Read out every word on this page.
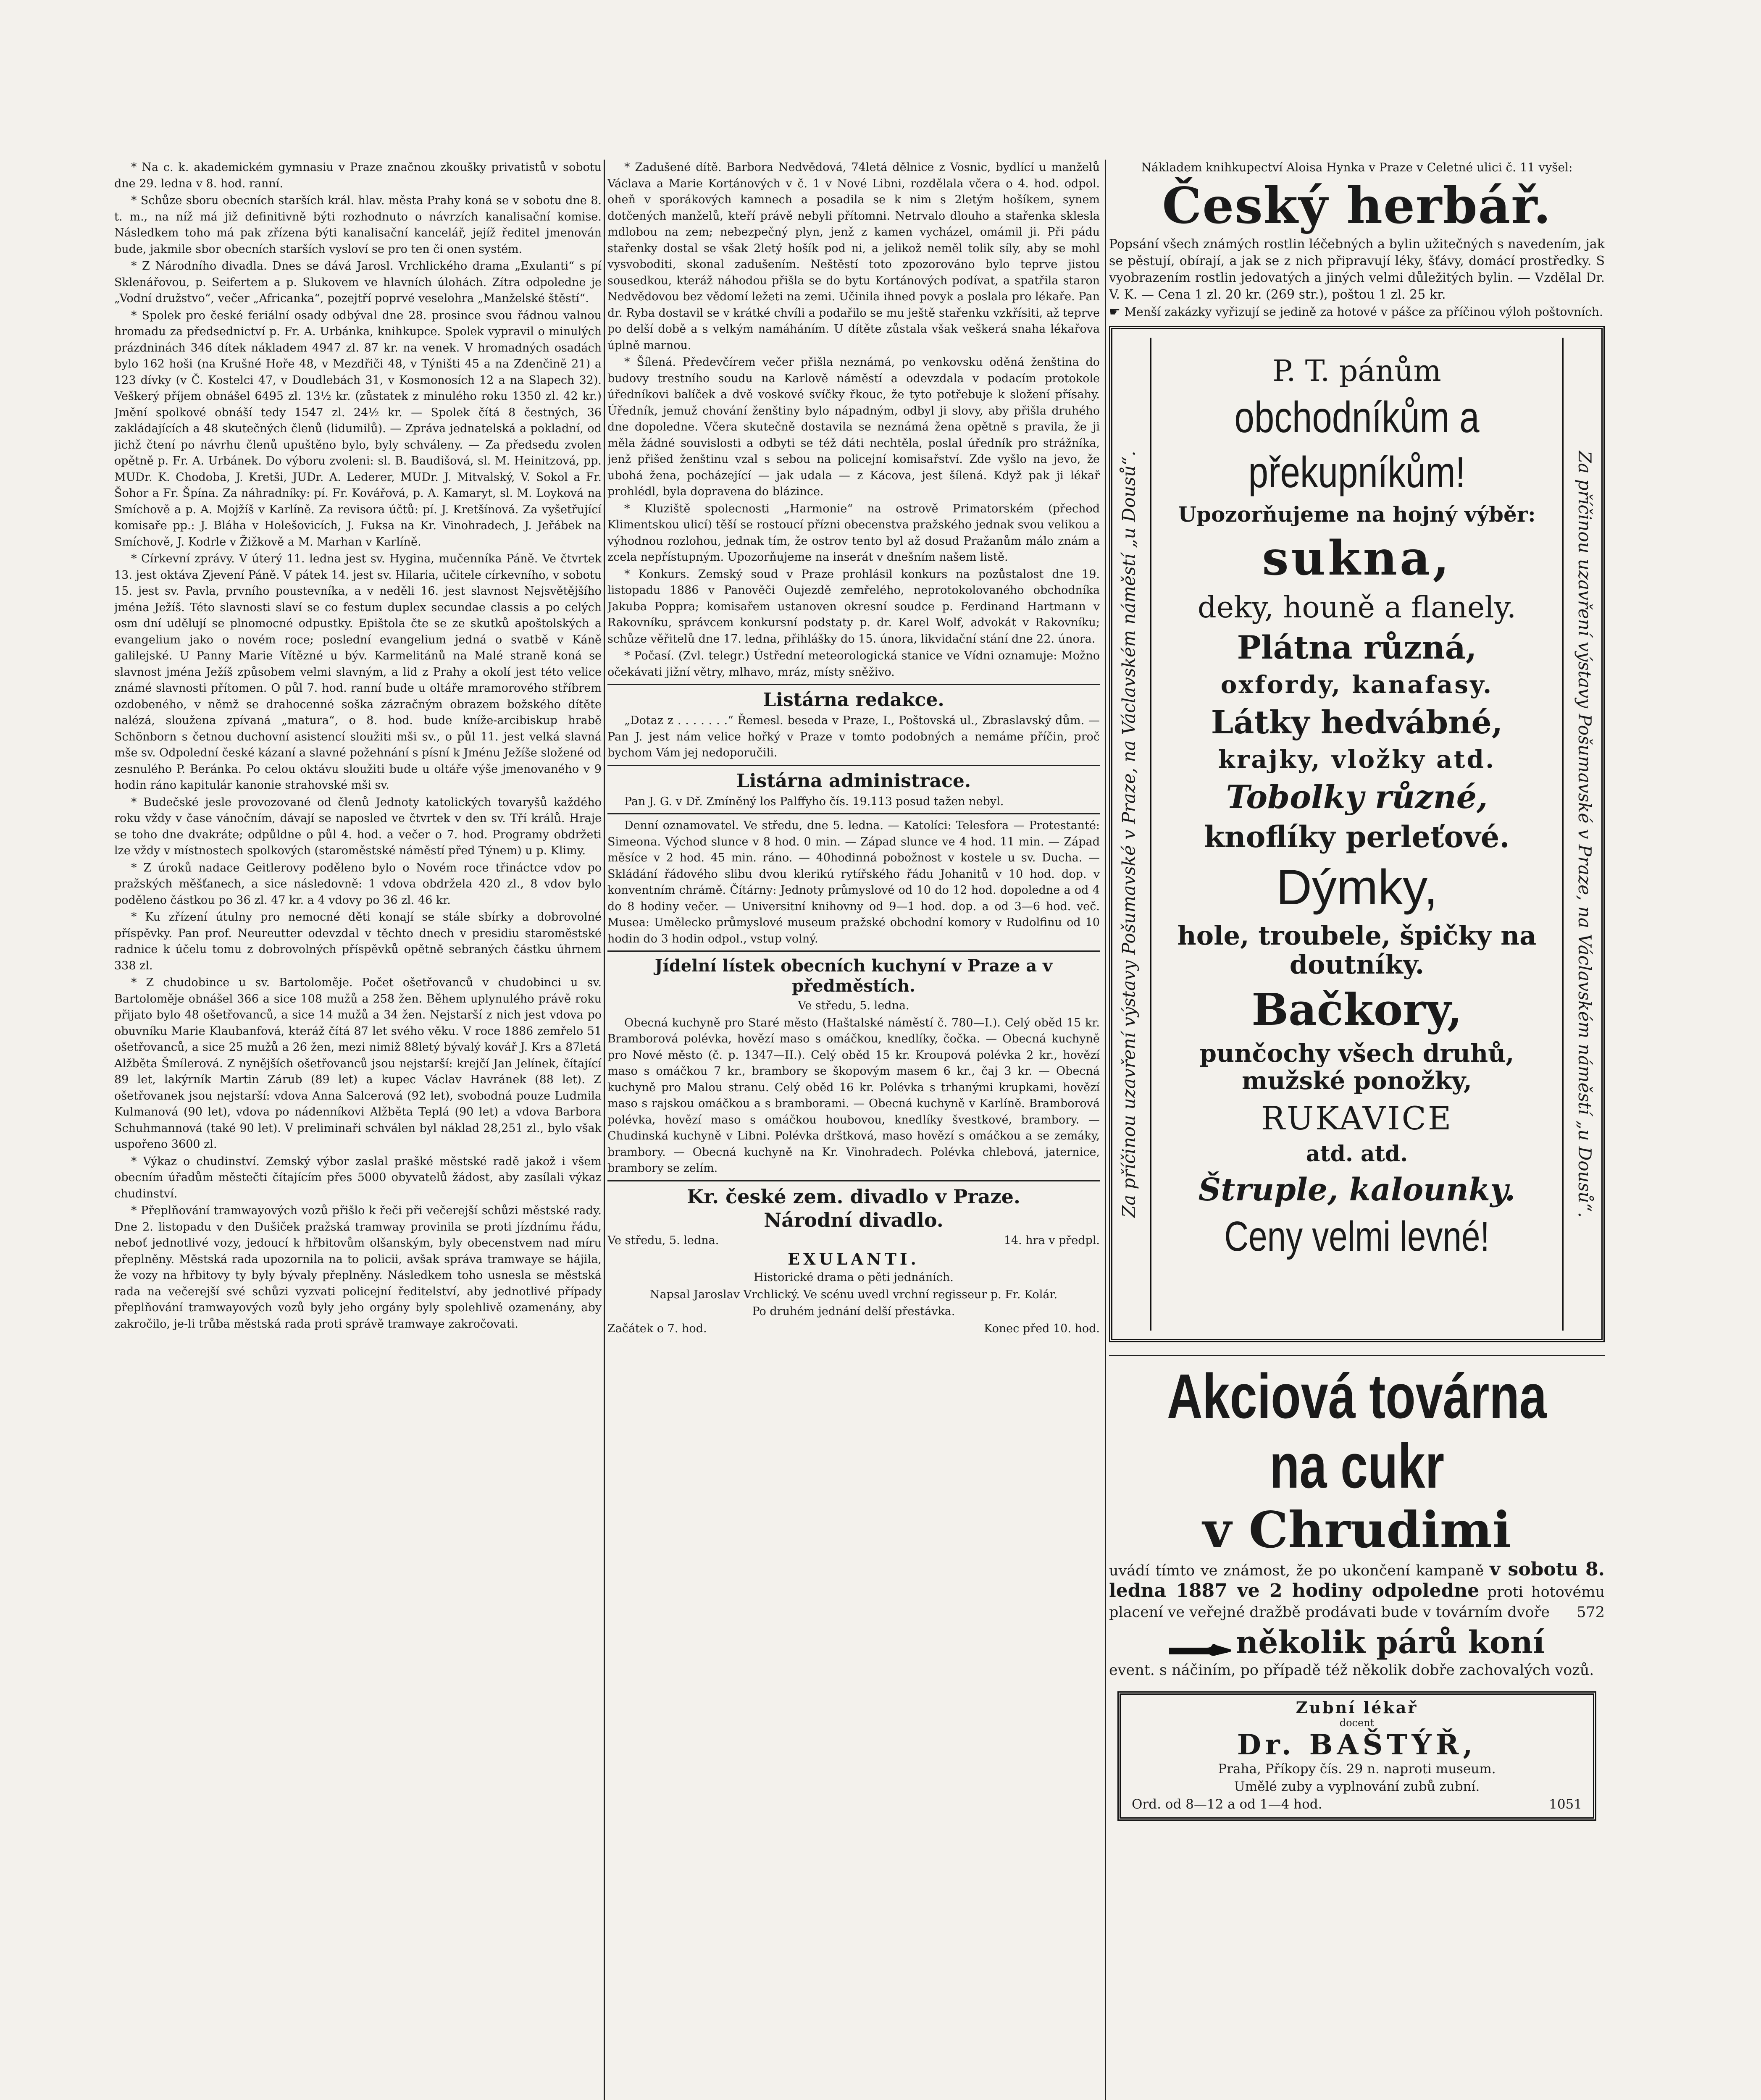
* Na c. k. akademickém gymnasiu v Praze značnou zkoušky privatistů v sobotu dne 29. ledna v 8. hod. ranní.

* Schůze sboru obecních starších král. hlav. města Prahy koná se v sobotu dne 8. t. m., na níž má již definitivně býti rozhodnuto o návrzích kanalisační komise. Následkem toho má pak zřízena býti kanalisační kancelář, jejíž ředitel jmenován bude, jakmile sbor obecních starších vysloví se pro ten či onen systém.

* Z Národního divadla. Dnes se dává Jarosl. Vrchlického drama „Exulanti“ s pí Sklenářovou, p. Seifertem a p. Slukovem ve hlavních úlohách. Zítra odpoledne je „Vodní družstvo“, večer „Africanka“, pozejtří poprvé veselohra „Manželské štěstí“.

* Spolek pro české feriální osady odbýval dne 28. prosince svou řádnou valnou hromadu za předsednictví p. Fr. A. Urbánka, knihkupce. Spolek vypravil o minulých prázdninách 346 dítek nákladem 4947 zl. 87 kr. na venek. V hromadných osadách bylo 162 hoši (na Krušné Hoře 48, v Mezdřiči 48, v Týništi 45 a na Zdenčině 21) a 123 dívky (v Č. Kostelci 47, v Doudlebách 31, v Kosmonosích 12 a na Slapech 32). Veškerý příjem obnášel 6495 zl. 13½ kr. (zůstatek z minulého roku 1350 zl. 42 kr.) Jmění spolkové obnáší tedy 1547 zl. 24½ kr. — Spolek čítá 8 čestných, 36 zakládajících a 48 skutečných členů (lidumilů). — Zpráva jednatelská a pokladní, od jichž čtení po návrhu členů upuštěno bylo, byly schváleny. — Za předsedu zvolen opětně p. Fr. A. Urbánek. Do výboru zvoleni: sl. B. Baudišová, sl. M. Heinitzová, pp. MUDr. K. Chodoba, J. Kretši, JUDr. A. Lederer, MUDr. J. Mitvalský, V. Sokol a Fr. Šohor a Fr. Špína. Za náhradníky: pí. Fr. Kovářová, p. A. Kamaryt, sl. M. Loyková na Smíchově a p. A. Mojžíš v Karlíně. Za revisora účtů: pí. J. Kretšínová. Za vyšetřující komisaře pp.: J. Bláha v Holešovicích, J. Fuksa na Kr. Vinohradech, J. Jeřábek na Smíchově, J. Kodrle v Žižkově a M. Marhan v Karlíně.

* Církevní zprávy. V úterý 11. ledna jest sv. Hygina, mučenníka Páně. Ve čtvrtek 13. jest oktáva Zjevení Páně. V pátek 14. jest sv. Hilaria, učitele církevního, v sobotu 15. jest sv. Pavla, prvního poustevníka, a v neděli 16. jest slavnost Nejsvětějšího jména Ježíš. Této slavnosti slaví se co festum duplex secundae classis a po celých osm dní udělují se plnomocné odpustky. Epištola čte se ze skutků apoštolských a evangelium jako o novém roce; poslední evangelium jedná o svatbě v Káně galilejské. U Panny Marie Vítězné u býv. Karmelitánů na Malé straně koná se slavnost jména Ježíš způsobem velmi slavným, a lid z Prahy a okolí jest této velice známé slavnosti přítomen. O půl 7. hod. ranní bude u oltáře mramorového stříbrem ozdobeného, v němž se drahocenné soška zázračným obrazem božského dítěte nalézá, sloužena zpívaná „matura“, o 8. hod. bude kníže-arcibiskup hrabě Schönborn s četnou duchovní asistencí sloužiti mši sv., o půl 11. jest velká slavná mše sv. Odpolední české kázaní a slavné požehnání s písní k Jménu Ježíše složené od zesnulého P. Beránka. Po celou oktávu sloužiti bude u oltáře výše jmenovaného v 9 hodin ráno kapitulár kanonie strahovské mši sv.

* Budečské jesle provozované od členů Jednoty katolických tovaryšů každého roku vždy v čase vánočním, dávají se naposled ve čtvrtek v den sv. Tří králů. Hraje se toho dne dvakráte; odpůldne o půl 4. hod. a večer o 7. hod. Programy obdržeti lze vždy v místnostech spolkových (staroměstské náměstí před Týnem) u p. Klimy.

* Z úroků nadace Geitlerovy poděleno bylo o Novém roce třináctce vdov po pražských měšťanech, a sice následovně: 1 vdova obdržela 420 zl., 8 vdov bylo poděleno částkou po 36 zl. 47 kr. a 4 vdovy po 36 zl. 46 kr.

* Ku zřízení útulny pro nemocné děti konají se stále sbírky a dobrovolné příspěvky. Pan prof. Neureutter odevzdal v těchto dnech v presidiu staroměstské radnice k účelu tomu z dobrovolných příspěvků opětně sebraných částku úhrnem 338 zl.

* Z chudobince u sv. Bartoloměje. Počet ošetřovanců v chudobinci u sv. Bartoloměje obnášel 366 a sice 108 mužů a 258 žen. Během uplynulého právě roku přijato bylo 48 ošetřovanců, a sice 14 mužů a 34 žen. Nejstarší z nich jest vdova po obuvníku Marie Klaubanfová, kteráž čítá 87 let svého věku. V roce 1886 zemřelo 51 ošetřovanců, a sice 25 mužů a 26 žen, mezi nimiž 88letý bývalý kovář J. Krs a 87letá Alžběta Šmílerová. Z nynějších ošetřovanců jsou nejstarší: krejčí Jan Jelínek, čítající 89 let, lakýrník Martin Zárub (89 let) a kupec Václav Havránek (88 let). Z ošetřovanek jsou nejstarší: vdova Anna Salcerová (92 let), svobodná pouze Ludmila Kulmanová (90 let), vdova po nádenníkovi Alžběta Teplá (90 let) a vdova Barbora Schuhmannová (také 90 let). V preliminaři schválen byl náklad 28,251 zl., bylo však uspořeno 3600 zl.

* Výkaz o chudinství. Zemský výbor zaslal prašké městské radě jakož i všem obecním úřadům městečti čítajícím přes 5000 obyvatelů žádost, aby zasílali výkaz chudinství.

* Přeplňování tramwayových vozů přišlo k řeči při večerejší schůzi městské rady. Dne 2. listopadu v den Dušiček pražská tramway provinila se proti jízdnímu řádu, neboť jednotlivé vozy, jedoucí k hřbitovům olšanským, byly obecenstvem nad míru přeplněny. Městská rada upozornila na to policii, avšak správa tramwaye se hájila, že vozy na hřbitovy ty byly bývaly přeplněny. Následkem toho usnesla se městská rada na večerejší své schůzi vyzvati policejní ředitelství, aby jednotlivé případy přeplňování tramwayových vozů byly jeho orgány byly spolehlivě ozamenány, aby zakročilo, je-li trůba městská rada proti správě tramwaye zakročovati.

* Zadušené dítě. Barbora Nedvědová, 74letá dělnice z Vosnic, bydlící u manželů Václava a Marie Kortánových v č. 1 v Nové Libni, rozdělala včera o 4. hod. odpol. oheň v sporákových kamnech a posadila se k nim s 2letým hošíkem, synem dotčených manželů, kteří právě nebyli přítomni. Netrvalo dlouho a stařenka sklesla mdlobou na zem; nebezpečný plyn, jenž z kamen vycházel, omámil ji. Při pádu stařenky dostal se však 2letý hošík pod ni, a jelikož neměl tolik síly, aby se mohl vysvoboditi, skonal zadušením. Neštěstí toto zpozorováno bylo teprve jistou sousedkou, kteráž náhodou přišla se do bytu Kortánových podívat, a spatřila staron Nedvědovou bez vědomí ležeti na zemi. Učinila ihned povyk a poslala pro lékaře. Pan dr. Ryba dostavil se v krátké chvíli a podařilo se mu ještě stařenku vzkřísiti, až teprve po delší době a s velkým namáháním. U dítěte zůstala však veškerá snaha lékařova úplně marnou.

* Šílená. Předevčírem večer přišla neznámá, po venkovsku oděná ženština do budovy trestního soudu na Karlově náměstí a odevzdala v podacím protokole úředníkovi balíček a dvě voskové svíčky řkouc, že tyto potřebuje k složení přísahy. Úředník, jemuž chování ženštiny bylo nápadným, odbyl ji slovy, aby přišla druhého dne dopoledne. Včera skutečně dostavila se neznámá žena opětně s pravila, že ji měla žádné souvislosti a odbyti se též dáti nechtěla, poslal úředník pro strážníka, jenž přišed ženštinu vzal s sebou na policejní komisařství. Zde vyšlo na jevo, že ubohá žena, pocházející — jak udala — z Kácova, jest šílená. Když pak ji lékař prohlédl, byla dopravena do blázince.

* Kluziště spolecnosti „Harmonie“ na ostrově Primatorském (přechod Klimentskou ulicí) těší se rostoucí přízni obecenstva pražského jednak svou velikou a výhodnou rozlohou, jednak tím, že ostrov tento byl až dosud Pražanům málo znám a zcela nepřístupným. Upozorňujeme na inserát v dnešním našem listě.

* Konkurs. Zemský soud v Praze prohlásil konkurs na pozůstalost dne 19. listopadu 1886 v Panověči Oujezdě zemřelého, neprotokolovaného obchodníka Jakuba Poppra; komisařem ustanoven okresní soudce p. Ferdinand Hartmann v Rakovníku, správcem konkursní podstaty p. dr. Karel Wolf, advokát v Rakovníku; schůze věřitelů dne 17. ledna, přihlášky do 15. února, likvidační stání dne 22. února.

* Počasí. (Zvl. telegr.) Ústřední meteorologická stanice ve Vídni oznamuje: Možno očekávati jižní větry, mlhavo, mráz, místy sněživo.

Listárna redakce.

„Dotaz z . . . . . . .“ Řemesl. beseda v Praze, I., Poštovská ul., Zbraslavský dům. — Pan J. jest nám velice hořký v Praze v tomto podobných a nemáme příčin, proč bychom Vám jej nedoporučili.

Listárna administrace.

Pan J. G. v Dř. Zmíněný los Palffyho čís. 19.113 posud tažen nebyl.

Denní oznamovatel. Ve středu, dne 5. ledna. — Katolíci: Telesfora — Protestanté: Simeona. Východ slunce v 8 hod. 0 min. — Západ slunce ve 4 hod. 11 min. — Západ měsíce v 2 hod. 45 min. ráno. — 40hodinná pobožnost v kostele u sv. Ducha. — Skládání řádového slibu dvou klerikú rytířského řádu Johanitů v 10 hod. dop. v konventním chrámě. Čítárny: Jednoty průmyslové od 10 do 12 hod. dopoledne a od 4 do 8 hodiny večer. — Universitní knihovny od 9—1 hod. dop. a od 3—6 hod. več. Musea: Umělecko průmyslové museum pražské obchodní komory v Rudolfinu od 10 hodin do 3 hodin odpol., vstup volný.

Jídelní lístek obecních kuchyní v Praze a v předměstích.

Ve středu, 5. ledna.

Obecná kuchyně pro Staré město (Haštalské náměstí č. 780—I.). Celý oběd 15 kr. Bramborová polévka, hovězí maso s omáčkou, knedlíky, čočka. — Obecná kuchyně pro Nové město (č. p. 1347—II.). Celý oběd 15 kr. Kroupová polévka 2 kr., hovězí maso s omáčkou 7 kr., brambory se škopovým masem 6 kr., čaj 3 kr. — Obecná kuchyně pro Malou stranu. Celý oběd 16 kr. Polévka s trhanými krupkami, hovězí maso s rajskou omáčkou a s bramborami. — Obecná kuchyně v Karlíně. Bramborová polévka, hovězí maso s omáčkou houbovou, knedlíky švestkové, brambory. — Chudinská kuchyně v Libni. Polévka drštková, maso hovězí s omáčkou a se zemáky, brambory. — Obecná kuchyně na Kr. Vinohradech. Polévka chlebová, jaternice, brambory se zelím.

Kr. české zem. divadlo v Praze.
Národní divadlo.

Ve středu, 5. ledna.	14. hra v předpl.

EXULANTI.

Historické drama o pěti jednáních.

Napsal Jaroslav Vrchlický. Ve scénu uvedl vrchní regisseur p. Fr. Kolár.

Po druhém jednání delší přestávka.

Začátek o 7. hod.	Konec před 10. hod.

Nákladem knihkupectví Aloisa Hynka v Praze v Celetné ulici č. 11 vyšel:
Český herbář.

Popsání všech známých rostlin léčebných a bylin užitečných s navedením, jak se pěstují, obírají, a jak se z nich připravují léky, šťávy, domácí prostředky. S vyobrazením rostlin jedovatých a jiných velmi důležitých bylin. — Vzdělal Dr. V. K. — Cena 1 zl. 20 kr. (269 str.), poštou 1 zl. 25 kr.

☛ Menší zakázky vyřizují se jedině za hotové v pášce za příčinou výloh poštovních.

Za příčinou uzavření výstavy Pošumavské v Praze, na Václavském náměstí „u Dousů“.	Za příčinou uzavření výstavy Pošumavské v Praze, na Václavském náměstí „u Dousů“.
P. T. pánům
obchodníkům a
překupníkům!
Upozorňujeme na hojný výběr:
sukna,
deky, houně a flanely.
Plátna různá,
oxfordy, kanafasy.
Látky hedvábné,
krajky, vložky atd.
Tobolky různé,
knoflíky perleťové.
Dýmky,
hole, troubele, špičky na doutníky.
Bačkory,
punčochy všech druhů, mužské ponožky,
RUKAVICE
atd. atd.
Štruple, kalounky.
Ceny velmi levné!
Akciová továrna na cukr
v Chrudimi
uvádí tímto ve známost, že po ukončení kampaně v sobotu 8. ledna 1887 ve 2 hodiny odpoledne proti hotovému placení ve veřejné dražbě prodávati bude v továrním dvoře 572
několik párů koní
event. s náčiním, po případě též několik dobře zachovalých vozů.
Zubní lékař
docent
Dr. BAŠTÝŘ,
Praha, Příkopy čís. 29 n. naproti museum.
Umělé zuby a vyplnování zubů zubní.
Ord. od 8—12 a od 1—4 hod.	1051
